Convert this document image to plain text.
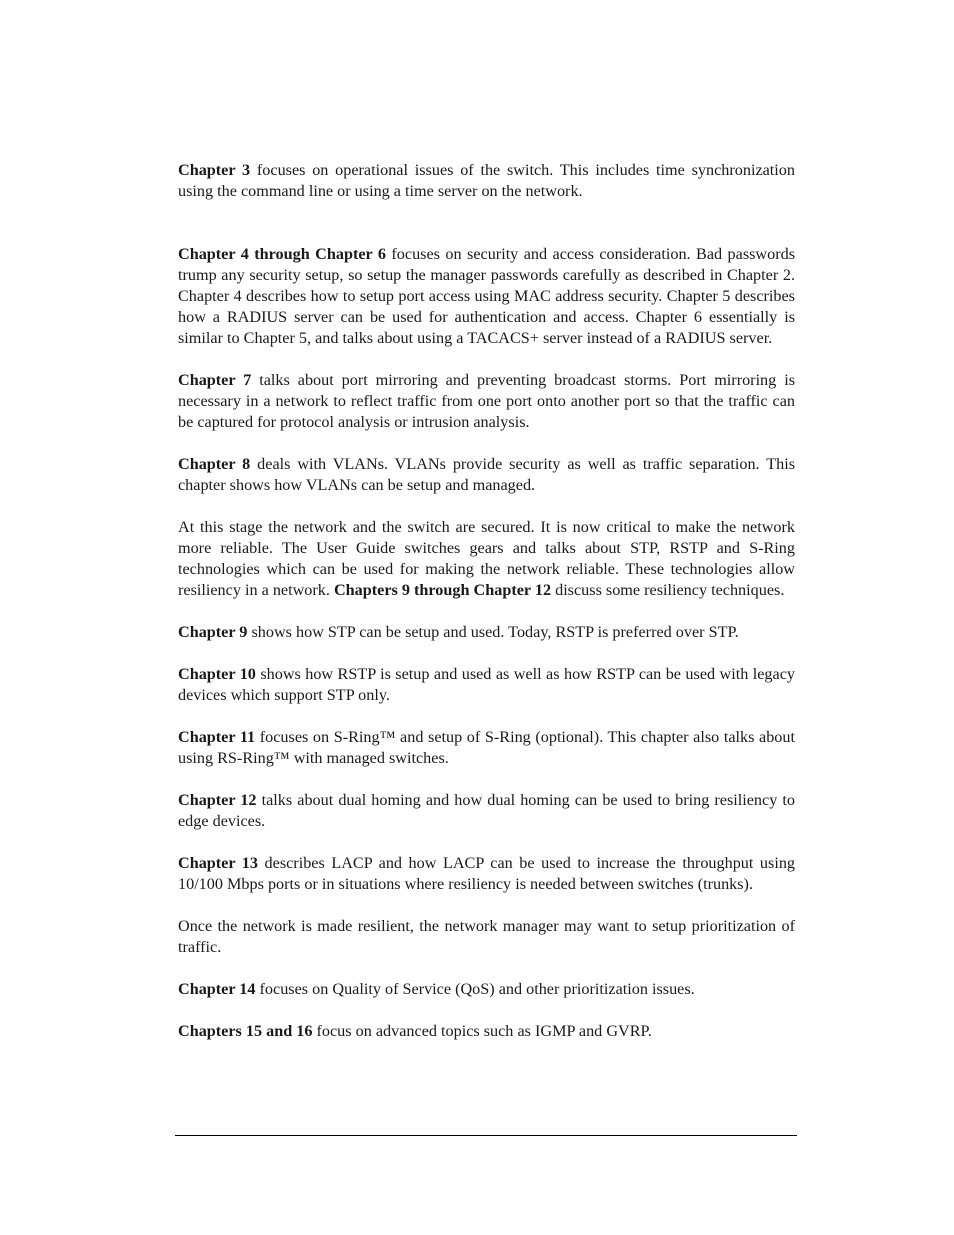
Chapter 3 focuses on operational issues of the switch. This includes time synchronization using the command line or using a time server on the network.

Chapter 4 through Chapter 6 focuses on security and access consideration. Bad passwords trump any security setup, so setup the manager passwords carefully as described in Chapter 2. Chapter 4 describes how to setup port access using MAC address security. Chapter 5 describes how a RADIUS server can be used for authentication and access. Chapter 6 essentially is similar to Chapter 5, and talks about using a TACACS+ server instead of a RADIUS server.

Chapter 7 talks about port mirroring and preventing broadcast storms. Port mirroring is necessary in a network to reflect traffic from one port onto another port so that the traffic can be captured for protocol analysis or intrusion analysis.

Chapter 8 deals with VLANs. VLANs provide security as well as traffic separation. This chapter shows how VLANs can be setup and managed.

At this stage the network and the switch are secured. It is now critical to make the network more reliable. The User Guide switches gears and talks about STP, RSTP and S-Ring technologies which can be used for making the network reliable. These technologies allow resiliency in a network. Chapters 9 through Chapter 12 discuss some resiliency techniques.

Chapter 9 shows how STP can be setup and used. Today, RSTP is preferred over STP.

Chapter 10 shows how RSTP is setup and used as well as how RSTP can be used with legacy devices which support STP only.

Chapter 11 focuses on S-Ring™ and setup of S-Ring (optional). This chapter also talks about using RS-Ring™ with managed switches.

Chapter 12 talks about dual homing and how dual homing can be used to bring resiliency to edge devices.

Chapter 13 describes LACP and how LACP can be used to increase the throughput using 10/100 Mbps ports or in situations where resiliency is needed between switches (trunks).

Once the network is made resilient, the network manager may want to setup prioritization of traffic.

Chapter 14 focuses on Quality of Service (QoS) and other prioritization issues.

Chapters 15 and 16 focus on advanced topics such as IGMP and GVRP.
